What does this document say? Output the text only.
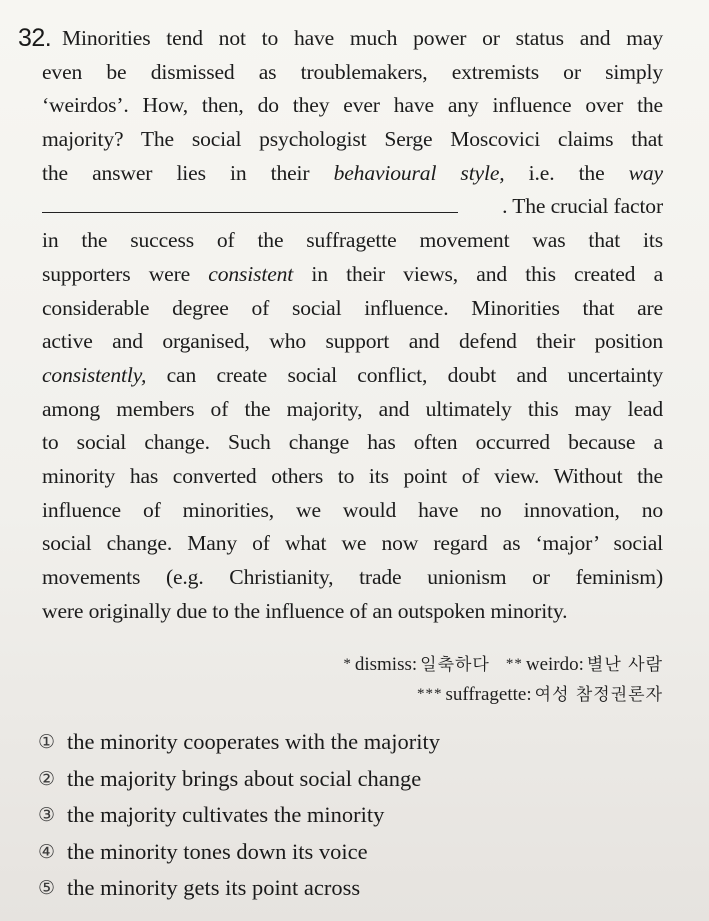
32. Minorities tend not to have much power or status and may
even be dismissed as troublemakers, extremists or simply
‘weirdos’. How, then, do they ever have any influence over the
majority? The social psychologist Serge Moscovici claims that
the answer lies in their behavioural style, i.e. the way
. The crucial factor
in the success of the suffragette movement was that its
supporters were consistent in their views, and this created a
considerable degree of social influence. Minorities that are
active and organised, who support and defend their position
consistently, can create social conflict, doubt and uncertainty
among members of the majority, and ultimately this may lead
to social change. Such change has often occurred because a
minority has converted others to its point of view. Without the
influence of minorities, we would have no innovation, no
social change. Many of what we now regard as ‘major’ social
movements (e.g. Christianity, trade unionism or feminism)
were originally due to the influence of an outspoken minority.
* dismiss: 일축하다 ** weirdo: 별난 사람
*** suffragette: 여성 참정권론자
① the minority cooperates with the majority
② the majority brings about social change
③ the majority cultivates the minority
④ the minority tones down its voice
⑤ the minority gets its point across
